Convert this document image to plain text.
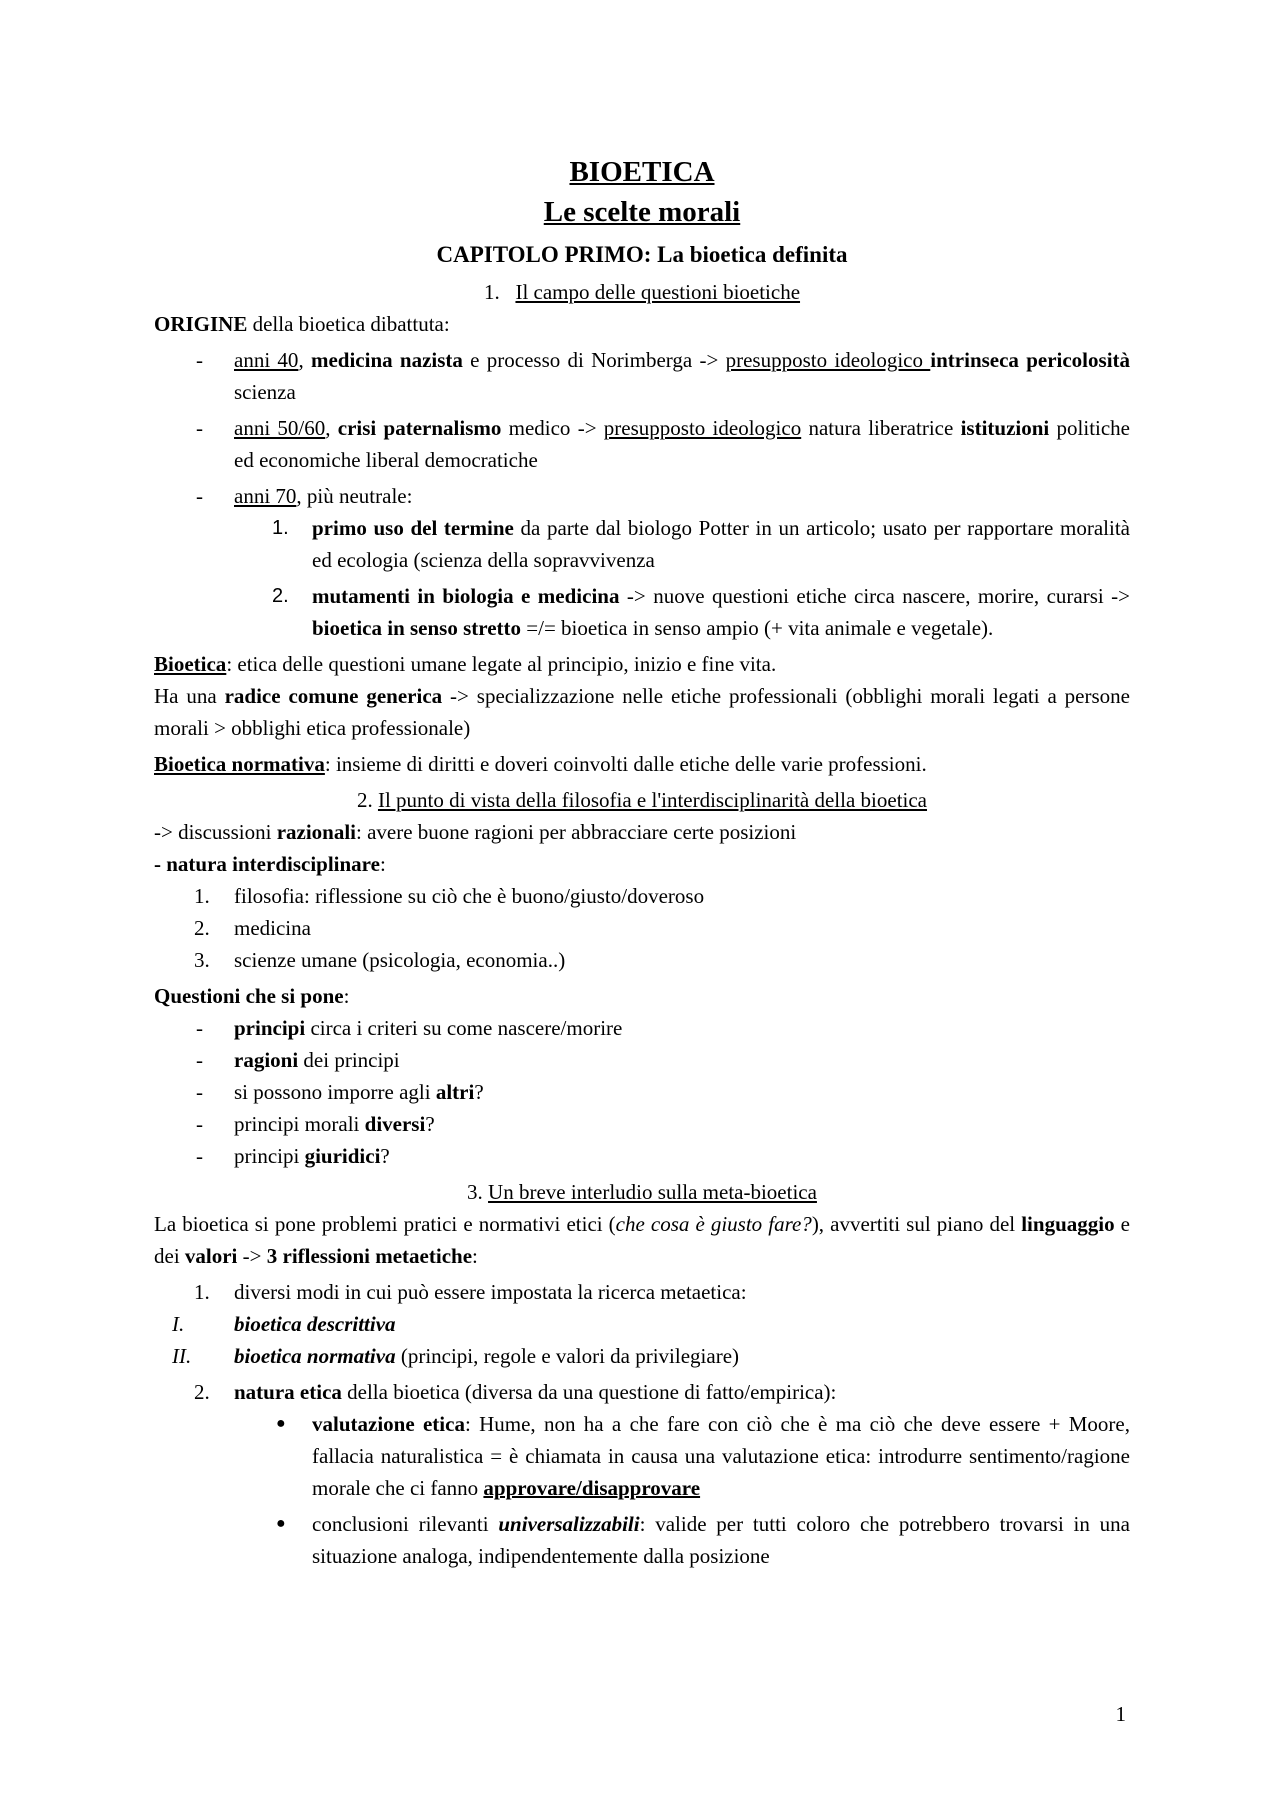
BIOETICA
Le scelte morali
CAPITOLO PRIMO: La bioetica definita
1. Il campo delle questioni bioetiche
ORIGINE della bioetica dibattuta:
- anni 40, medicina nazista e processo di Norimberga -> presupposto ideologico intrinseca pericolosità scienza
- anni 50/60, crisi paternalismo medico -> presupposto ideologico natura liberatrice istituzioni politiche ed economiche liberal democratiche
- anni 70, più neutrale:
1. primo uso del termine da parte dal biologo Potter in un articolo; usato per rapportare moralità ed ecologia (scienza della sopravvivenza
2. mutamenti in biologia e medicina -> nuove questioni etiche circa nascere, morire, curarsi -> bioetica in senso stretto =/= bioetica in senso ampio (+ vita animale e vegetale).
Bioetica: etica delle questioni umane legate al principio, inizio e fine vita.
Ha una radice comune generica -> specializzazione nelle etiche professionali (obblighi morali legati a persone morali > obblighi etica professionale)
Bioetica normativa: insieme di diritti e doveri coinvolti dalle etiche delle varie professioni.
2. Il punto di vista della filosofia e l'interdisciplinarità della bioetica
-> discussioni razionali: avere buone ragioni per abbracciare certe posizioni
- natura interdisciplinare:
1. filosofia: riflessione su ciò che è buono/giusto/doveroso
2. medicina
3. scienze umane (psicologia, economia..)
Questioni che si pone:
- principi circa i criteri su come nascere/morire
- ragioni dei principi
- si possono imporre agli altri?
- principi morali diversi?
- principi giuridici?
3. Un breve interludio sulla meta-bioetica
La bioetica si pone problemi pratici e normativi etici (che cosa è giusto fare?), avvertiti sul piano del linguaggio e dei valori -> 3 riflessioni metaetiche:
1. diversi modi in cui può essere impostata la ricerca metaetica:
I. bioetica descrittiva
II. bioetica normativa (principi, regole e valori da privilegiare)
2. natura etica della bioetica (diversa da una questione di fatto/empirica):
● valutazione etica: Hume, non ha a che fare con ciò che è ma ciò che deve essere + Moore, fallacia naturalistica = è chiamata in causa una valutazione etica: introdurre sentimento/ragione morale che ci fanno approvare/disapprovare
● conclusioni rilevanti universalizzabili: valide per tutti coloro che potrebbero trovarsi in una situazione analoga, indipendentemente dalla posizione
1
